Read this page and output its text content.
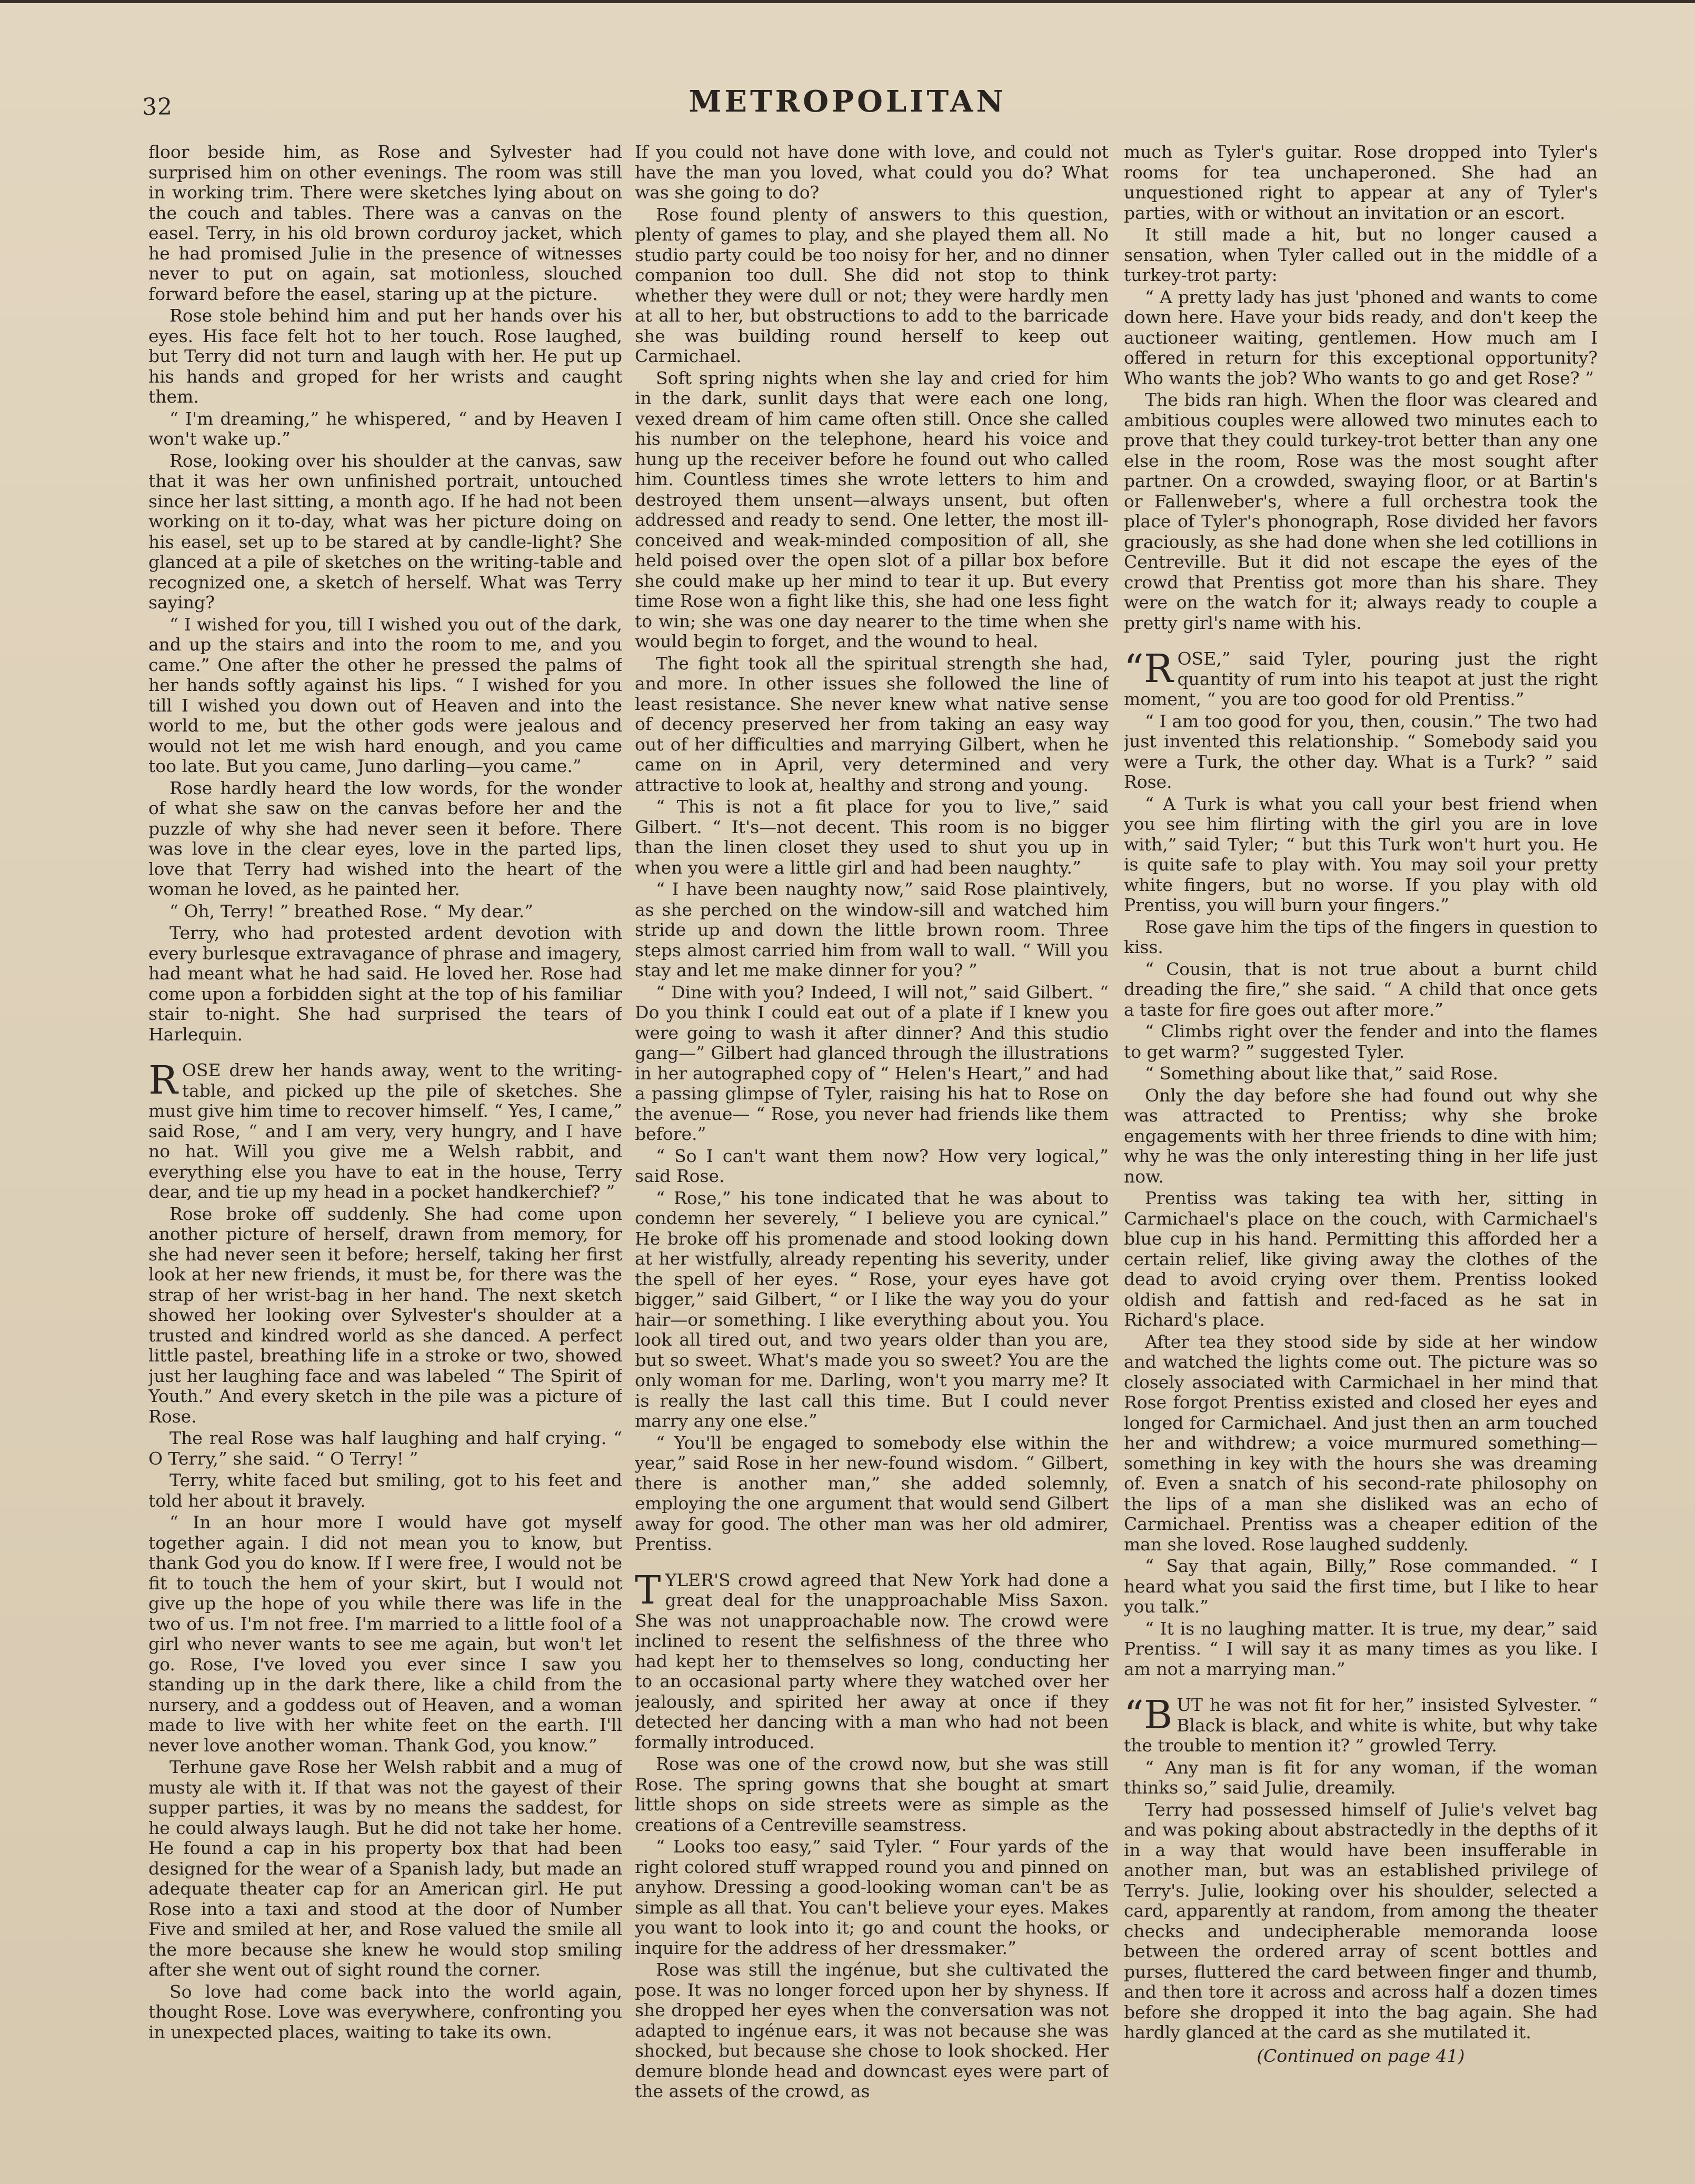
32	METROPOLITAN

floor beside him, as Rose and Sylvester had surprised him on other evenings. The room was still in working trim. There were sketches lying about on the couch and tables. There was a canvas on the easel. Terry, in his old brown corduroy jacket, which he had promised Julie in the presence of witnesses never to put on again, sat motionless, slouched forward before the easel, staring up at the picture.

Rose stole behind him and put her hands over his eyes. His face felt hot to her touch. Rose laughed, but Terry did not turn and laugh with her. He put up his hands and groped for her wrists and caught them.

“ I'm dreaming,” he whispered, “ and by Heaven I won't wake up.”

Rose, looking over his shoulder at the canvas, saw that it was her own unfinished portrait, untouched since her last sitting, a month ago. If he had not been working on it to-day, what was her picture doing on his easel, set up to be stared at by candle-light? She glanced at a pile of sketches on the writing-table and recognized one, a sketch of herself. What was Terry saying?

“ I wished for you, till I wished you out of the dark, and up the stairs and into the room to me, and you came.” One after the other he pressed the palms of her hands softly against his lips. “ I wished for you till I wished you down out of Heaven and into the world to me, but the other gods were jealous and would not let me wish hard enough, and you came too late. But you came, Juno darling—you came.”

Rose hardly heard the low words, for the wonder of what she saw on the canvas before her and the puzzle of why she had never seen it before. There was love in the clear eyes, love in the parted lips, love that Terry had wished into the heart of the woman he loved, as he painted her.

“ Oh, Terry! ” breathed Rose. “ My dear.”

Terry, who had protested ardent devotion with every burlesque extravagance of phrase and imagery, had meant what he had said. He loved her. Rose had come upon a forbidden sight at the top of his familiar stair to-night. She had surprised the tears of Harlequin.

ROSE drew her hands away, went to the writing-table, and picked up the pile of sketches. She must give him time to recover himself. “ Yes, I came,” said Rose, “ and I am very, very hungry, and I have no hat. Will you give me a Welsh rabbit, and everything else you have to eat in the house, Terry dear, and tie up my head in a pocket handkerchief? ”

Rose broke off suddenly. She had come upon another picture of herself, drawn from memory, for she had never seen it before; herself, taking her first look at her new friends, it must be, for there was the strap of her wrist-bag in her hand. The next sketch showed her looking over Sylvester's shoulder at a trusted and kindred world as she danced. A perfect little pastel, breathing life in a stroke or two, showed just her laughing face and was labeled “ The Spirit of Youth.” And every sketch in the pile was a picture of Rose.

The real Rose was half laughing and half crying. “ O Terry,” she said. “ O Terry! ”

Terry, white faced but smiling, got to his feet and told her about it bravely.

“ In an hour more I would have got myself together again. I did not mean you to know, but thank God you do know. If I were free, I would not be fit to touch the hem of your skirt, but I would not give up the hope of you while there was life in the two of us. I'm not free. I'm married to a little fool of a girl who never wants to see me again, but won't let go. Rose, I've loved you ever since I saw you standing up in the dark there, like a child from the nursery, and a goddess out of Heaven, and a woman made to live with her white feet on the earth. I'll never love another woman. Thank God, you know.”

Terhune gave Rose her Welsh rabbit and a mug of musty ale with it. If that was not the gayest of their supper parties, it was by no means the saddest, for he could always laugh. But he did not take her home. He found a cap in his property box that had been designed for the wear of a Spanish lady, but made an adequate theater cap for an American girl. He put Rose into a taxi and stood at the door of Number Five and smiled at her, and Rose valued the smile all the more because she knew he would stop smiling after she went out of sight round the corner.

So love had come back into the world again, thought Rose. Love was everywhere, confronting you in unexpected places, waiting to take its own.

If you could not have done with love, and could not have the man you loved, what could you do? What was she going to do?

Rose found plenty of answers to this question, plenty of games to play, and she played them all. No studio party could be too noisy for her, and no dinner companion too dull. She did not stop to think whether they were dull or not; they were hardly men at all to her, but obstructions to add to the barricade she was building round herself to keep out Carmichael.

Soft spring nights when she lay and cried for him in the dark, sunlit days that were each one long, vexed dream of him came often still. Once she called his number on the telephone, heard his voice and hung up the receiver before he found out who called him. Countless times she wrote letters to him and destroyed them unsent—always unsent, but often addressed and ready to send. One letter, the most ill-conceived and weak-minded composition of all, she held poised over the open slot of a pillar box before she could make up her mind to tear it up. But every time Rose won a fight like this, she had one less fight to win; she was one day nearer to the time when she would begin to forget, and the wound to heal.

The fight took all the spiritual strength she had, and more. In other issues she followed the line of least resistance. She never knew what native sense of decency preserved her from taking an easy way out of her difficulties and marrying Gilbert, when he came on in April, very determined and very attractive to look at, healthy and strong and young.

“ This is not a fit place for you to live,” said Gilbert. “ It's—not decent. This room is no bigger than the linen closet they used to shut you up in when you were a little girl and had been naughty.”

“ I have been naughty now,” said Rose plaintively, as she perched on the window-sill and watched him stride up and down the little brown room. Three steps almost carried him from wall to wall. “ Will you stay and let me make dinner for you? ”

“ Dine with you? Indeed, I will not,” said Gilbert. “ Do you think I could eat out of a plate if I knew you were going to wash it after dinner? And this studio gang—” Gilbert had glanced through the illustrations in her autographed copy of “ Helen's Heart,” and had a passing glimpse of Tyler, raising his hat to Rose on the avenue— “ Rose, you never had friends like them before.”

“ So I can't want them now? How very logical,” said Rose.

“ Rose,” his tone indicated that he was about to condemn her severely, “ I believe you are cynical.” He broke off his promenade and stood looking down at her wistfully, already repenting his severity, under the spell of her eyes. “ Rose, your eyes have got bigger,” said Gilbert, “ or I like the way you do your hair—or something. I like everything about you. You look all tired out, and two years older than you are, but so sweet. What's made you so sweet? You are the only woman for me. Darling, won't you marry me? It is really the last call this time. But I could never marry any one else.”

“ You'll be engaged to somebody else within the year,” said Rose in her new-found wisdom. “ Gilbert, there is another man,” she added solemnly, employing the one argument that would send Gilbert away for good. The other man was her old admirer, Prentiss.

TYLER'S crowd agreed that New York had done a great deal for the unapproachable Miss Saxon. She was not unapproachable now. The crowd were inclined to resent the selfishness of the three who had kept her to themselves so long, conducting her to an occasional party where they watched over her jealously, and spirited her away at once if they detected her dancing with a man who had not been formally introduced.

Rose was one of the crowd now, but she was still Rose. The spring gowns that she bought at smart little shops on side streets were as simple as the creations of a Centreville seamstress.

“ Looks too easy,” said Tyler. “ Four yards of the right colored stuff wrapped round you and pinned on anyhow. Dressing a good-looking woman can't be as simple as all that. You can't believe your eyes. Makes you want to look into it; go and count the hooks, or inquire for the address of her dressmaker.”

Rose was still the ingénue, but she cultivated the pose. It was no longer forced upon her by shyness. If she dropped her eyes when the conversation was not adapted to ingénue ears, it was not because she was shocked, but because she chose to look shocked. Her demure blonde head and downcast eyes were part of the assets of the crowd, as

much as Tyler's guitar. Rose dropped into Tyler's rooms for tea unchaperoned. She had an unquestioned right to appear at any of Tyler's parties, with or without an invitation or an escort.

It still made a hit, but no longer caused a sensation, when Tyler called out in the middle of a turkey-trot party:

“ A pretty lady has just 'phoned and wants to come down here. Have your bids ready, and don't keep the auctioneer waiting, gentlemen. How much am I offered in return for this exceptional opportunity? Who wants the job? Who wants to go and get Rose? ”

The bids ran high. When the floor was cleared and ambitious couples were allowed two minutes each to prove that they could turkey-trot better than any one else in the room, Rose was the most sought after partner. On a crowded, swaying floor, or at Bartin's or Fallenweber's, where a full orchestra took the place of Tyler's phonograph, Rose divided her favors graciously, as she had done when she led cotillions in Centreville. But it did not escape the eyes of the crowd that Prentiss got more than his share. They were on the watch for it; always ready to couple a pretty girl's name with his.

“ROSE,” said Tyler, pouring just the right quantity of rum into his teapot at just the right moment, “ you are too good for old Prentiss.”

“ I am too good for you, then, cousin.” The two had just invented this relationship. “ Somebody said you were a Turk, the other day. What is a Turk? ” said Rose.

“ A Turk is what you call your best friend when you see him flirting with the girl you are in love with,” said Tyler; “ but this Turk won't hurt you. He is quite safe to play with. You may soil your pretty white fingers, but no worse. If you play with old Prentiss, you will burn your fingers.”

Rose gave him the tips of the fingers in question to kiss.

“ Cousin, that is not true about a burnt child dreading the fire,” she said. “ A child that once gets a taste for fire goes out after more.”

“ Climbs right over the fender and into the flames to get warm? ” suggested Tyler.

“ Something about like that,” said Rose.

Only the day before she had found out why she was attracted to Prentiss; why she broke engagements with her three friends to dine with him; why he was the only interesting thing in her life just now.

Prentiss was taking tea with her, sitting in Carmichael's place on the couch, with Carmichael's blue cup in his hand. Permitting this afforded her a certain relief, like giving away the clothes of the dead to avoid crying over them. Prentiss looked oldish and fattish and red-faced as he sat in Richard's place.

After tea they stood side by side at her window and watched the lights come out. The picture was so closely associated with Carmichael in her mind that Rose forgot Prentiss existed and closed her eyes and longed for Carmichael. And just then an arm touched her and withdrew; a voice murmured something—something in key with the hours she was dreaming of. Even a snatch of his second-rate philosophy on the lips of a man she disliked was an echo of Carmichael. Prentiss was a cheaper edition of the man she loved. Rose laughed suddenly.

“ Say that again, Billy,” Rose commanded. “ I heard what you said the first time, but I like to hear you talk.”

“ It is no laughing matter. It is true, my dear,” said Prentiss. “ I will say it as many times as you like. I am not a marrying man.”

“BUT he was not fit for her,” insisted Sylvester. “ Black is black, and white is white, but why take the trouble to mention it? ” growled Terry.

“ Any man is fit for any woman, if the woman thinks so,” said Julie, dreamily.

Terry had possessed himself of Julie's velvet bag and was poking about abstractedly in the depths of it in a way that would have been insufferable in another man, but was an established privilege of Terry's. Julie, looking over his shoulder, selected a card, apparently at random, from among the theater checks and undecipherable memoranda loose between the ordered array of scent bottles and purses, fluttered the card between finger and thumb, and then tore it across and across half a dozen times before she dropped it into the bag again. She had hardly glanced at the card as she mutilated it.

(Continued on page 41)
